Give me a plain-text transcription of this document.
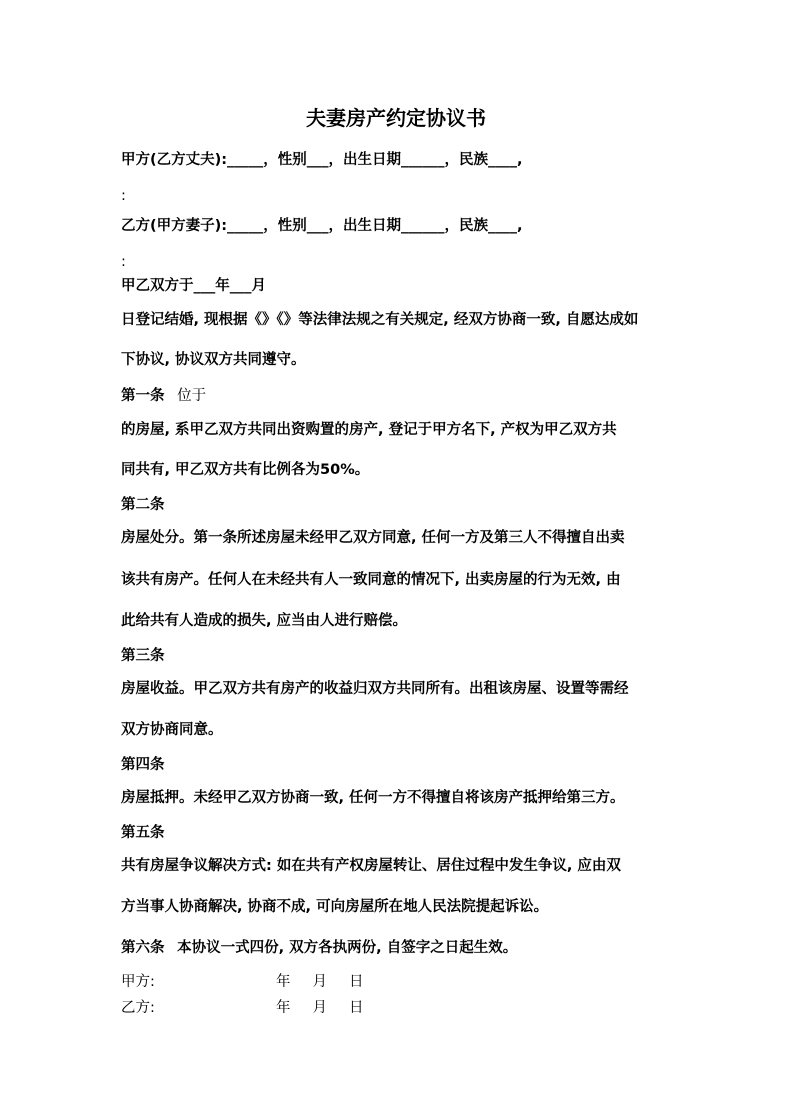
夫妻房产约定协议书
甲方(乙方丈夫):_____，性别___，出生日期______，民族____,
:
乙方(甲方妻子):_____，性别___，出生日期______，民族____,
:
甲乙双方于___年___月
日登记结婚, 现根据《》《》等法律法规之有关规定, 经双方协商一致, 自愿达成如
下协议, 协议双方共同遵守。
第一条 位于
的房屋, 系甲乙双方共同出资购置的房产, 登记于甲方名下, 产权为甲乙双方共
同共有, 甲乙双方共有比例各为50%。
第二条
房屋处分。第一条所述房屋未经甲乙双方同意, 任何一方及第三人不得擅自出卖
该共有房产。任何人在未经共有人一致同意的情况下, 出卖房屋的行为无效, 由
此给共有人造成的损失, 应当由人进行赔偿。
第三条
房屋收益。甲乙双方共有房产的收益归双方共同所有。出租该房屋、设置等需经
双方协商同意。
第四条
房屋抵押。未经甲乙双方协商一致, 任何一方不得擅自将该房产抵押给第三方。
第五条
共有房屋争议解决方式: 如在共有产权房屋转让、居住过程中发生争议, 应由双
方当事人协商解决, 协商不成, 可向房屋所在地人民法院提起诉讼。
第六条 本协议一式四份, 双方各执两份, 自签字之日起生效。
甲方:	年 月 日
乙方:	年 月 日
